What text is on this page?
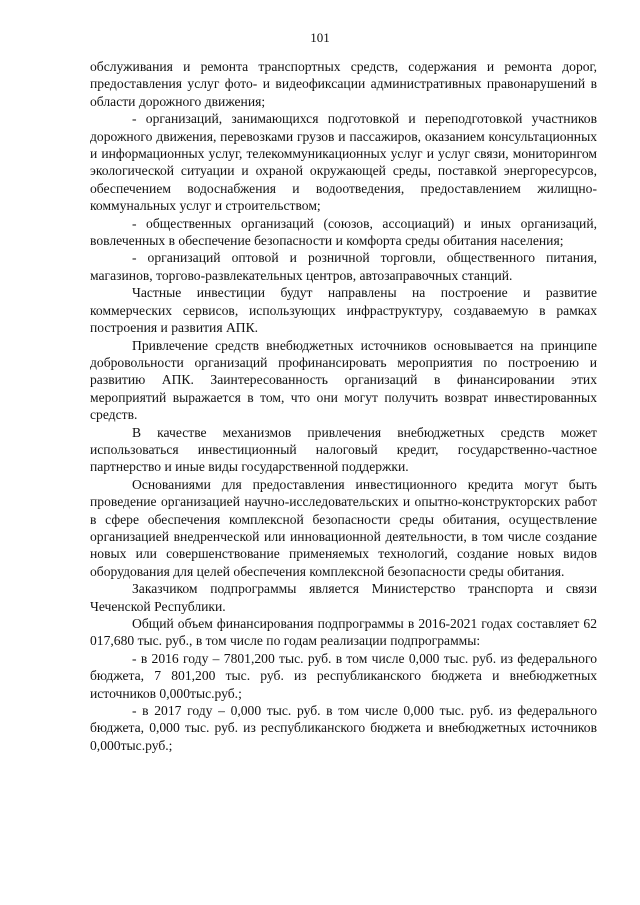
101

обслуживания и ремонта транспортных средств, содержания и ремонта дорог, предоставления услуг фото- и видеофиксации административных правонарушений в области дорожного движения;

- организаций, занимающихся подготовкой и переподготовкой участников дорожного движения, перевозками грузов и пассажиров, оказанием консультационных и информационных услуг, телекоммуникационных услуг и услуг связи, мониторингом экологической ситуации и охраной окружающей среды, поставкой энергоресурсов, обеспечением водоснабжения и водоотведения, предоставлением жилищно-коммунальных услуг и строительством;

- общественных организаций (союзов, ассоциаций) и иных организаций, вовлеченных в обеспечение безопасности и комфорта среды обитания населения;

- организаций оптовой и розничной торговли, общественного питания, магазинов, торгово-развлекательных центров, автозаправочных станций.

Частные инвестиции будут направлены на построение и развитие коммерческих сервисов, использующих инфраструктуру, создаваемую в рамках построения и развития АПК.

Привлечение средств внебюджетных источников основывается на принципе добровольности организаций профинансировать мероприятия по построению и развитию АПК. Заинтересованность организаций в финансировании этих мероприятий выражается в том, что они могут получить возврат инвестированных средств.

В качестве механизмов привлечения внебюджетных средств может использоваться инвестиционный налоговый кредит, государственно-частное партнерство и иные виды государственной поддержки.

Основаниями для предоставления инвестиционного кредита могут быть проведение организацией научно-исследовательских и опытно-конструкторских работ в сфере обеспечения комплексной безопасности среды обитания, осуществление организацией внедренческой или инновационной деятельности, в том числе создание новых или совершенствование применяемых технологий, создание новых видов оборудования для целей обеспечения комплексной безопасности среды обитания.

Заказчиком подпрограммы является Министерство транспорта и связи Чеченской Республики.

Общий объем финансирования подпрограммы в 2016-2021 годах составляет 62 017,680 тыс. руб., в том числе по годам реализации подпрограммы:

- в 2016 году – 7801,200 тыс. руб. в том числе 0,000 тыс. руб. из федерального бюджета, 7 801,200 тыс. руб. из республиканского бюджета и внебюджетных источников 0,000тыс.руб.;

- в 2017 году – 0,000 тыс. руб. в том числе 0,000 тыс. руб. из федерального бюджета, 0,000 тыс. руб. из республиканского бюджета и внебюджетных источников 0,000тыс.руб.;
